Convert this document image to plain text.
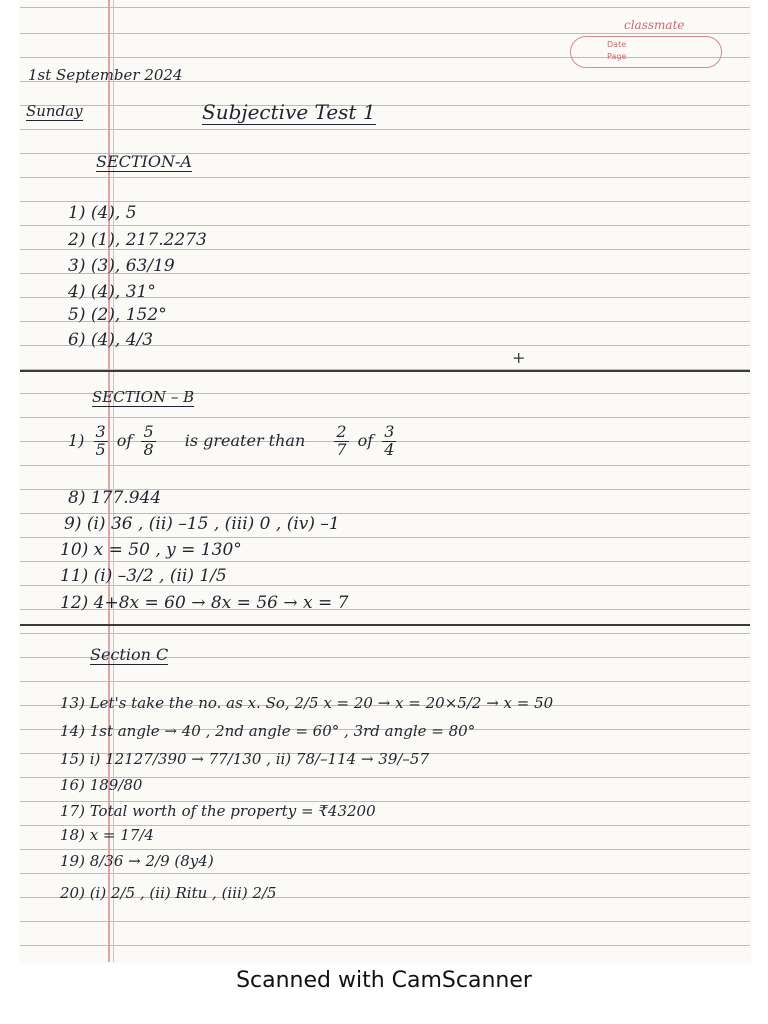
classmate
Date
Page
1st September 2024
Sunday	Subjective Test 1
SECTION-A
1) (4), 5
2) (1), 217.2273
3) (3), 63/19
4) (4), 31°
5) (2), 152°
6) (4), 4/3
+
SECTION – B
$1) \frac{3}{5}$ of $\frac{5}{8}$ is greater than $\frac{2}{7}$ of $\frac{3}{4}$
8) 177.944
9) (i) 36 , (ii) –15 , (iii) 0 , (iv) –1
10) x = 50 , y = 130°
11) (i) –3/2 , (ii) 1/5
12) 4+8x = 60 → 8x = 56 → x = 7
Section C
13) Let's take the no. as x. So, 2/5 x = 20 → x = 20×5/2 → x = 50
14) 1st angle → 40 , 2nd angle = 60° , 3rd angle = 80°
15) i) 12127/390 → 77/130 , ii) 78/–114 → 39/–57
16) 189/80
17) Total worth of the property = ₹43200
18) x = 17/4
19) 8/36 → 2/9 (8y4)
20) (i) 2/5 , (ii) Ritu , (iii) 2/5
Scanned with CamScanner
